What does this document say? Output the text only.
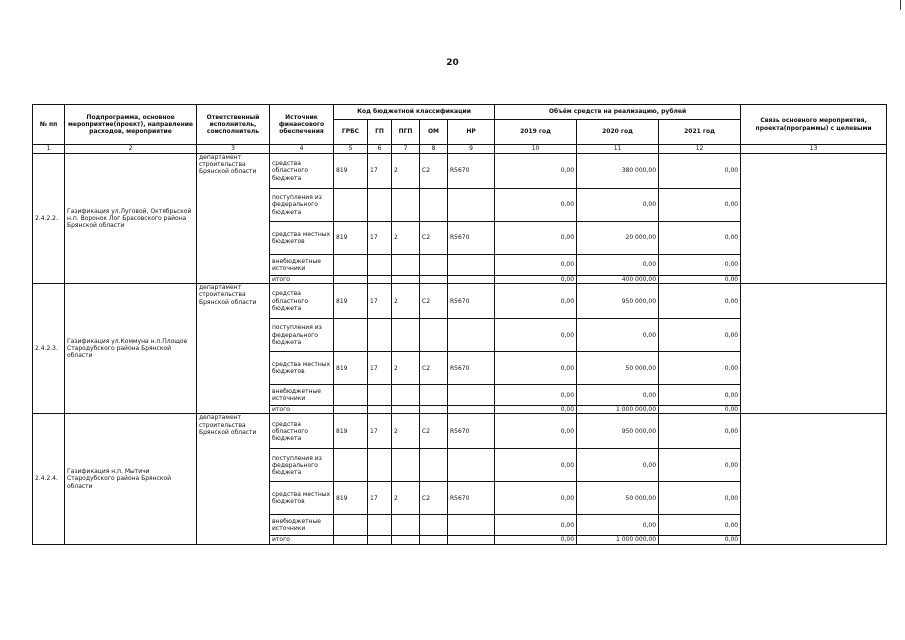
20
№ пп	Подпрограмма, основное мероприятие(проект), направление расходов, мероприятие	Ответственный исполнитель, соисполнитель	Источник финансового обеспечения	Код бюджетной классификации					Объём средств на реализацию, рублей			Связь основного мероприятия, проекта(программы) с целевыми
				ГРБС	ГП	ПГП	ОМ	НР	2019 год	2020 год	2021 год	
1	2	3	4	5	6	7	8	9	10	11	12	13
2.4.2.2.	Газификация ул.Луговой, Октябрьской н.п. Воронок Лог Брасовского района Брянской области	департамент строительства Брянской области	средства областного бюджета	819	17	2	С2	R5670	0,00	380 000,00	0,00	
			поступления из федерального бюджета						0,00	0,00	0,00	
			средства местных бюджетов	819	17	2	С2	R5670	0,00	20 000,00	0,00	
			внебюджетные источники						0,00	0,00	0,00	
			итого						0,00	400 000,00	0,00	
2.4.2.3.	Газификация ул.Коммуна н.п.Площое Стародубского района Брянской области	департамент строительства Брянской области	средства областного бюджета	819	17	2	С2	R5670	0,00	950 000,00	0,00	
			поступления из федерального бюджета						0,00	0,00	0,00	
			средства местных бюджетов	819	17	2	С2	R5670	0,00	50 000,00	0,00	
			внебюджетные источники						0,00	0,00	0,00	
			итого						0,00	1 000 000,00	0,00	
2.4.2.4.	Газификация н.п. Мытичи Стародубского района Брянской области	департамент строительства Брянской области	средства областного бюджета	819	17	2	С2	R5670	0,00	950 000,00	0,00	
			поступления из федерального бюджета						0,00	0,00	0,00	
			средства местных бюджетов	819	17	2	С2	R5670	0,00	50 000,00	0,00	
			внебюджетные источники						0,00	0,00	0,00	
			итого						0,00	1 000 000,00	0,00	
